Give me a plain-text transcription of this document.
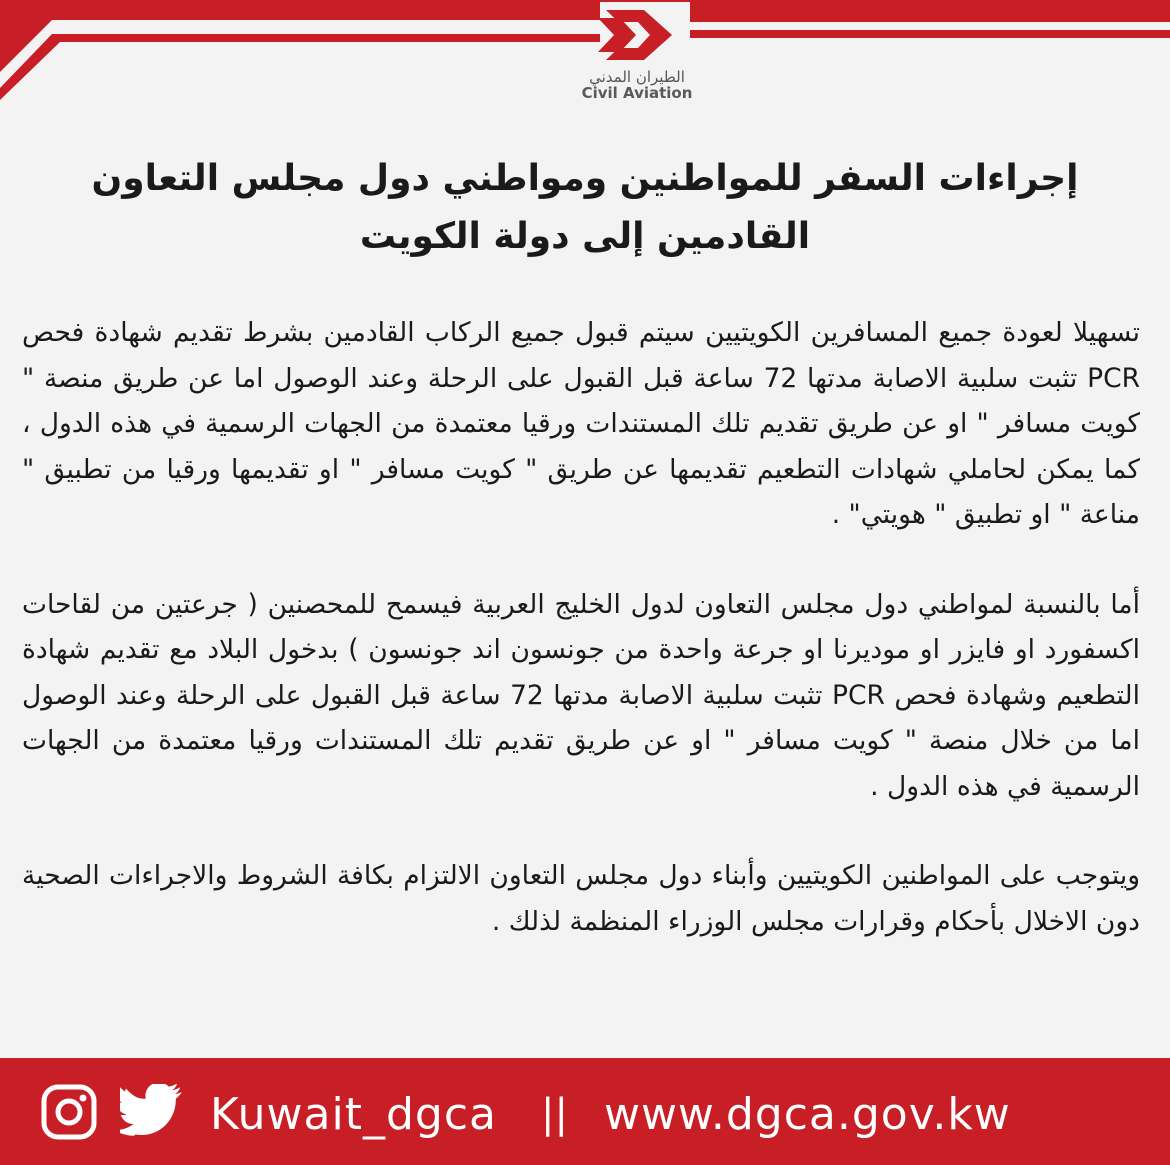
الطيران المدني
Civil Aviation
إجراءات السفر للمواطنين ومواطني دول مجلس التعاون
القادمين إلى دولة الكويت

تسهيلا لعودة جميع المسافرين الكويتيين سيتم قبول جميع الركاب القادمين بشرط تقديم شهادة فحص PCR تثبت سلبية الاصابة مدتها 72 ساعة قبل القبول على الرحلة وعند الوصول اما عن طريق منصة " كويت مسافر " او عن طريق تقديم تلك المستندات ورقيا معتمدة من الجهات الرسمية في هذه الدول ، كما يمكن لحاملي شهادات التطعيم تقديمها عن طريق " كويت مسافر " او تقديمها ورقيا من تطبيق " مناعة " او تطبيق " هويتي" .

أما بالنسبة لمواطني دول مجلس التعاون لدول الخليج العربية فيسمح للمحصنين ( جرعتين من لقاحات اكسفورد او فايزر او موديرنا او جرعة واحدة من جونسون اند جونسون ) بدخول البلاد مع تقديم شهادة التطعيم وشهادة فحص PCR تثبت سلبية الاصابة مدتها 72 ساعة قبل القبول على الرحلة وعند الوصول اما من خلال منصة " كويت مسافر " او عن طريق تقديم تلك المستندات ورقيا معتمدة من الجهات الرسمية في هذه الدول .

ويتوجب على المواطنين الكويتيين وأبناء دول مجلس التعاون الالتزام بكافة الشروط والاجراءات الصحية دون الاخلال بأحكام وقرارات مجلس الوزراء المنظمة لذلك .

Kuwait_dgca || www.dgca.gov.kw
